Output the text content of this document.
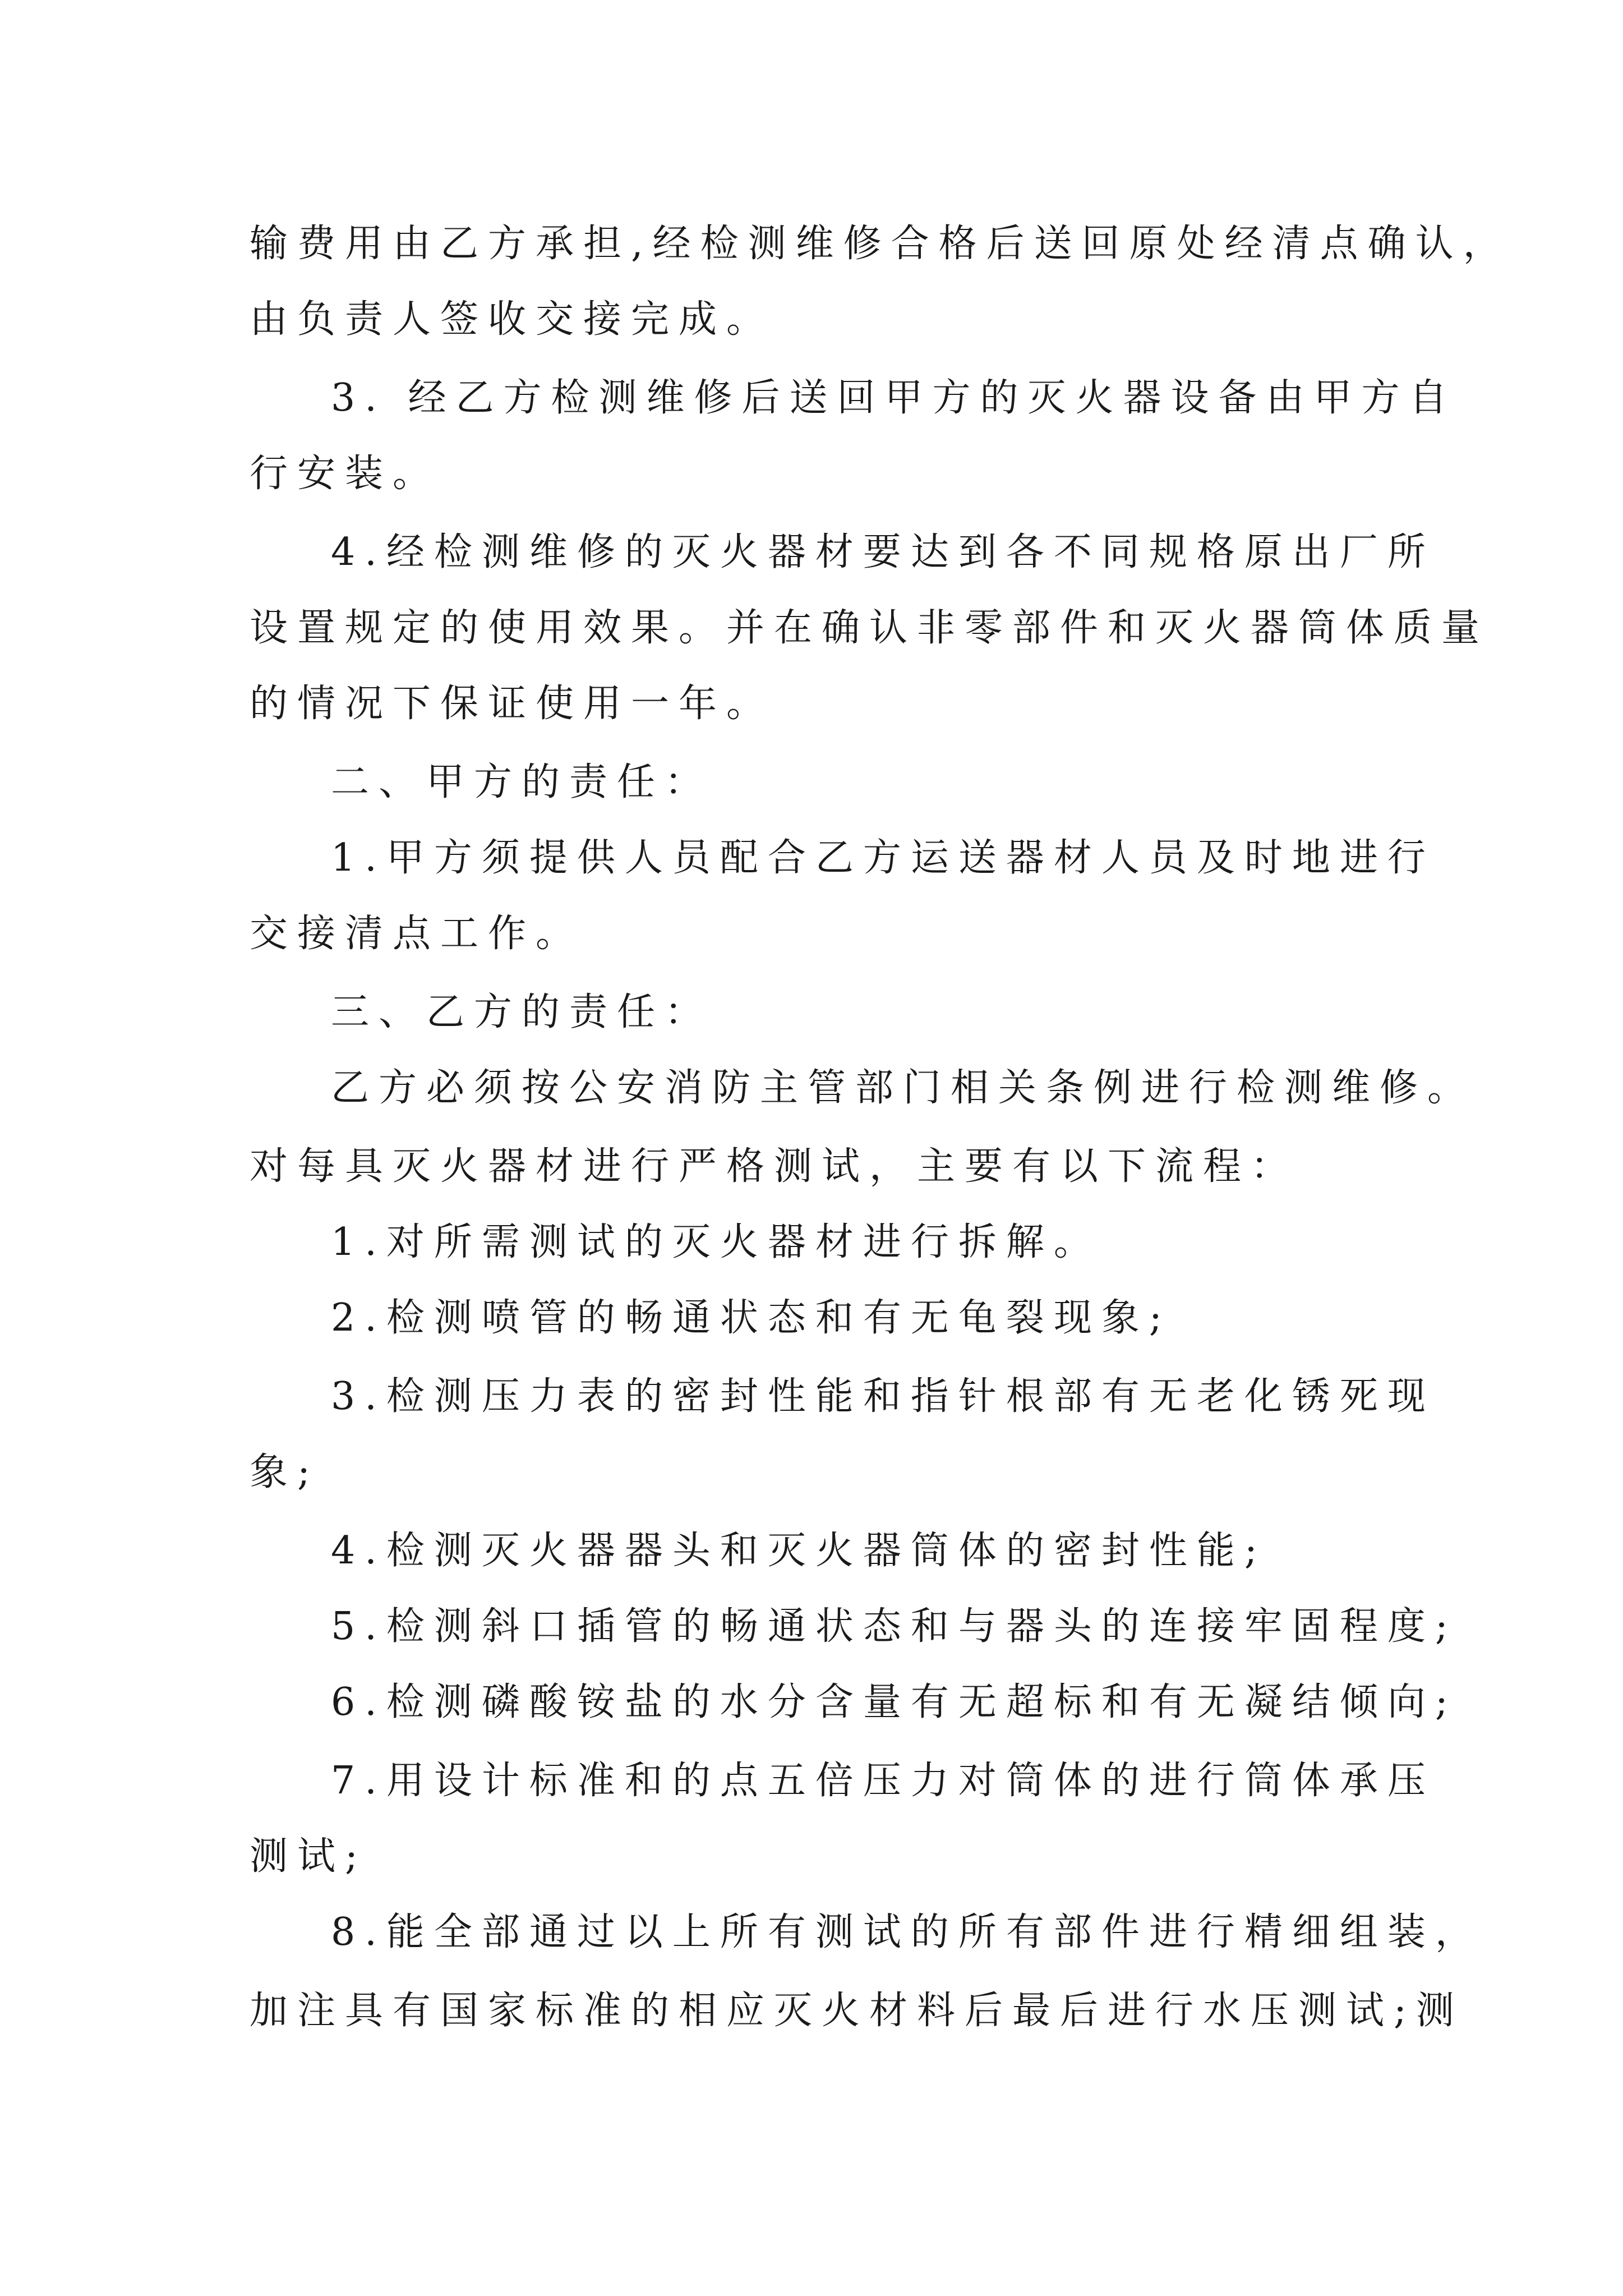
输费用由乙方承担,经检测维修合格后送回原处经清点确认，

由负责人签收交接完成。

3. 经乙方检测维修后送回甲方的灭火器设备由甲方自

行安装。

4.经检测维修的灭火器材要达到各不同规格原出厂所

设置规定的使用效果。并在确认非零部件和灭火器筒体质量

的情况下保证使用一年。

二、甲方的责任：

1.甲方须提供人员配合乙方运送器材人员及时地进行

交接清点工作。

三、乙方的责任：

乙方必须按公安消防主管部门相关条例进行检测维修。

对每具灭火器材进行严格测试，主要有以下流程：

1.对所需测试的灭火器材进行拆解。

2.检测喷管的畅通状态和有无龟裂现象;

3.检测压力表的密封性能和指针根部有无老化锈死现

象;

4.检测灭火器器头和灭火器筒体的密封性能;

5.检测斜口插管的畅通状态和与器头的连接牢固程度;

6.检测磷酸铵盐的水分含量有无超标和有无凝结倾向;

7.用设计标准和的点五倍压力对筒体的进行筒体承压

测试;

8.能全部通过以上所有测试的所有部件进行精细组装，

加注具有国家标准的相应灭火材料后最后进行水压测试;测
